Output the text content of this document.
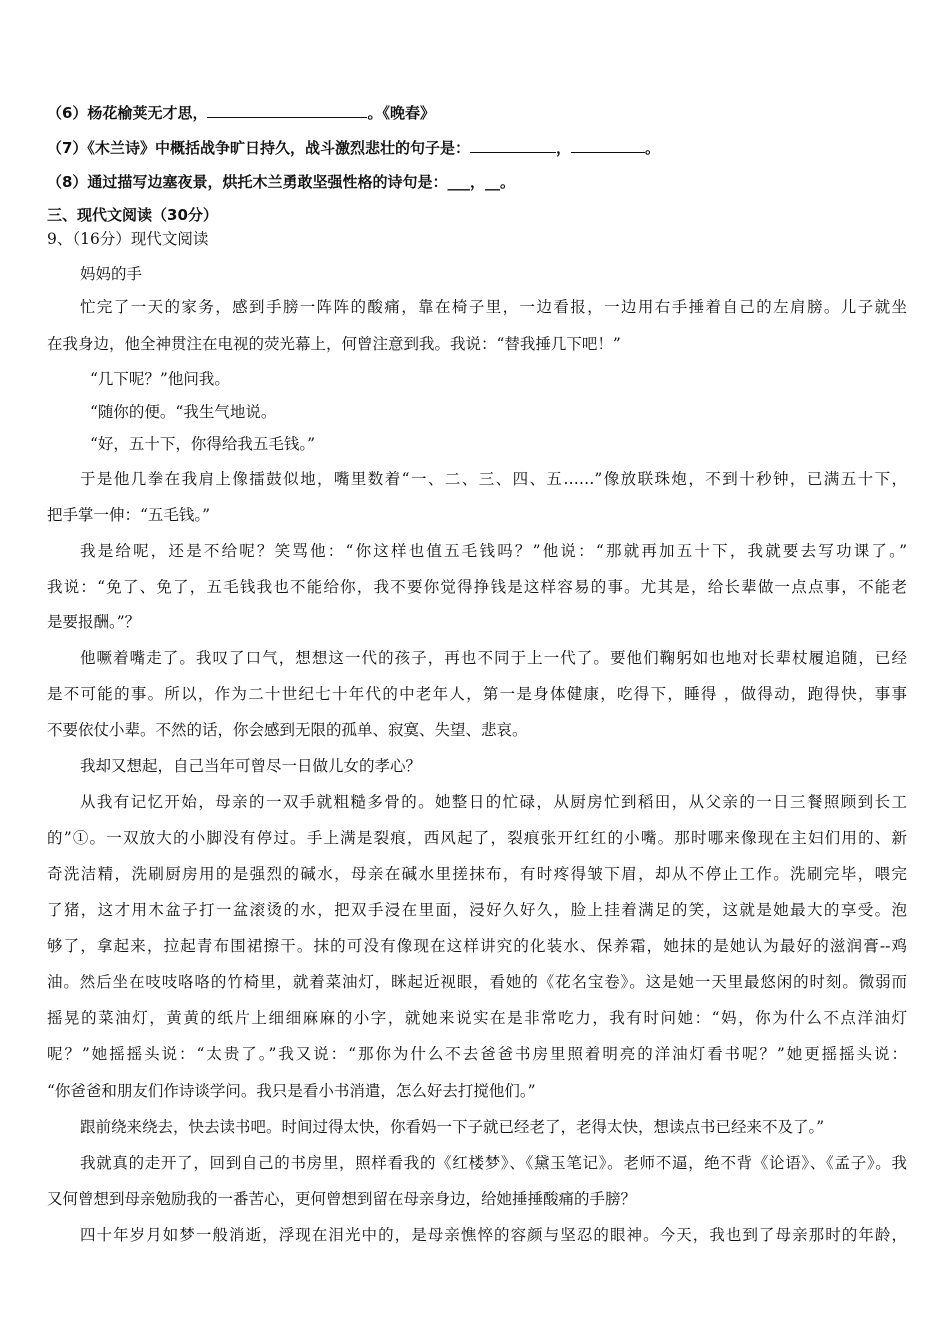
（6）杨花榆荚无才思，	。《晚春》
（7）《木兰诗》中概括战争旷日持久，战斗激烈悲壮的句子是：	，	。
（8）通过描写边塞夜景，烘托木兰勇敢坚强性格的诗句是：___，__。
三、现代文阅读（30分）
9、（16分）现代文阅读
妈妈的手
忙完了一天的家务，感到手膀一阵阵的酸痛，靠在椅子里，一边看报，一边用右手捶着自己的左肩膀。儿子就坐
在我身边，他全神贯注在电视的荧光幕上，何曾注意到我。我说：“替我捶几下吧！”
“几下呢？”他问我。
“随你的便。“我生气地说。
“好，五十下，你得给我五毛钱。”
于是他几拳在我肩上像擂鼓似地，嘴里数着“一、二、三、四、五……”像放联珠炮，不到十秒钟，已满五十下，
把手掌一伸：“五毛钱。”
我是给呢，还是不给呢？笑骂他：“你这样也值五毛钱吗？”他说：“那就再加五十下，我就要去写功课了。”
我说：“免了、免了，五毛钱我也不能给你，我不要你觉得挣钱是这样容易的事。尤其是，给长辈做一点点事，不能老
是要报酬。”？
他噘着嘴走了。我叹了口气，想想这一代的孩子，再也不同于上一代了。要他们鞠躬如也地对长辈杖履追随，已经
是不可能的事。所以，作为二十世纪七十年代的中老年人，第一是身体健康，吃得下，睡得 ，做得动，跑得快，事事
不要依仗小辈。不然的话，你会感到无限的孤单、寂寞、失望、悲哀。
我却又想起，自己当年可曾尽一日做儿女的孝心？
从我有记忆开始，母亲的一双手就粗糙多骨的。她整日的忙碌，从厨房忙到稻田，从父亲的一日三餐照顾到长工
的”①。一双放大的小脚没有停过。手上满是裂痕，西风起了，裂痕张开红红的小嘴。那时哪来像现在主妇们用的、新
奇洗洁精，洗刷厨房用的是强烈的碱水，母亲在碱水里搓抹布，有时疼得皱下眉，却从不停止工作。洗刷完毕，喂完
了猪，这才用木盆子打一盆滚烫的水，把双手浸在里面，浸好久好久，脸上挂着满足的笑，这就是她最大的享受。泡
够了，拿起来，拉起青布围裙擦干。抹的可没有像现在这样讲究的化装水、保养霜，她抹的是她认为最好的滋润膏--鸡
油。然后坐在吱吱咯咯的竹椅里，就着菜油灯，眯起近视眼，看她的《花名宝卷》。这是她一天里最悠闲的时刻。微弱而
摇晃的菜油灯，黄黄的纸片上细细麻麻的小字，就她来说实在是非常吃力，我有时问她：“妈，你为什么不点洋油灯
呢？”她摇摇头说：“太贵了。”我又说：“那你为什么不去爸爸书房里照着明亮的洋油灯看书呢？”她更摇摇头说：
“你爸爸和朋友们作诗谈学问。我只是看小书消遣，怎么好去打搅他们。”
跟前绕来绕去，快去读书吧。时间过得太快，你看妈一下子就已经老了，老得太快，想读点书已经来不及了。”
我就真的走开了，回到自己的书房里，照样看我的《红楼梦》、《黛玉笔记》。老师不逼，绝不背《论语》、《孟子》。我
又何曾想到母亲勉励我的一番苦心，更何曾想到留在母亲身边，给她捶捶酸痛的手膀？
四十年岁月如梦一般消逝，浮现在泪光中的，是母亲憔悴的容颜与坚忍的眼神。今天，我也到了母亲那时的年龄，
